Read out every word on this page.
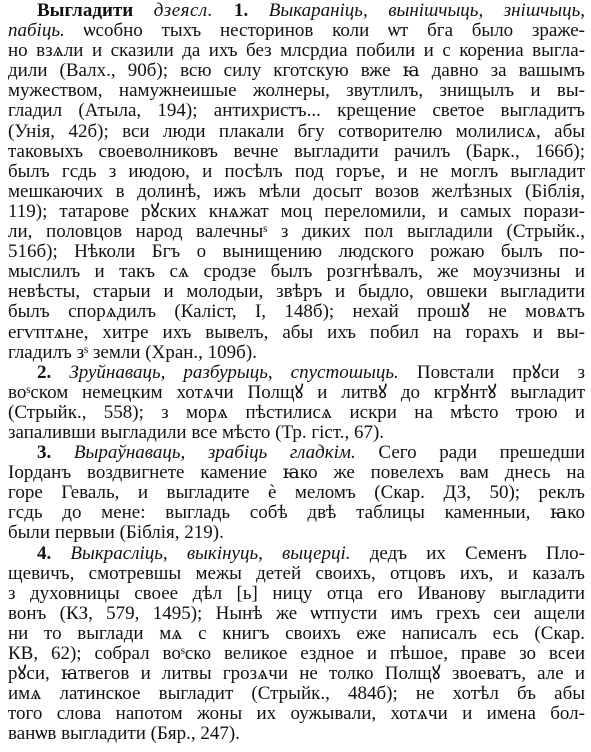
Выгладити дзеясл. 1. Выкараніць, вынішчыць, знішчыць,
пабіць. ѡсобно тыхъ несторинов коли ѡт бга было зраже-
но взѧли и сказили да ихъ без млсрдиа побили и с корениа выгла-
дили (Валх., 90б); всю силу кготскую вже ꙗ давно за вашымъ
мужеством, намужнеишые жолнеры, звутлилъ, знищылъ и вы-
гладил (Атыла, 194); антихристъ... крещение светое выгладитъ
(Унія, 42б); вси люди плакали бгу сотворителю молилисѧ, абы
таковыхъ своеволниковъ вечне выгладити рачилъ (Барк., 166б);
былъ гсдь з июдою, и посѣлъ под горъе, и не моглъ выгладит
мешкаючих в долинѣ, ижъ мѣли досыт возов желѣзных (Біблія,
119); татарове рꙋских кнѧжат моц переломили, и самых порази-
ли, половцов народ валечныˢ з диких пол выгладили (Стрыйк.,
516б); Нѣколи Бгъ о вынищению людского рожаю былъ по-
мыслилъ и такъ сѧ сродзе былъ розгнѣвалъ, же моузчизны и
невѣсты, старыи и молодыи, звѣръ и быдло, овшеки выгладити
былъ спорѧдилъ (Каліст, І, 148б); нехай прошꙋ не мовѧтъ
егѵптѧне, хитре ихъ вывелъ, абы ихъ побил на горахъ и вы-
гладилъ зˢ земли (Хран., 109б).
2. Зруйнаваць, разбурыць, спустошыць. Повстали прꙋси з
воˢском немецким хотѧчи Полщꙋ и литвꙋ до кгрꙋнтꙋ выгладит
(Стрыйк., 558); з морѧ пѣстилисѧ искри на мѣсто трою и
запаливши выгладили все мѣсто (Тр. гіст., 67).
3. Выраўнаваць, зрабіць гладкім. Сего ради прешедши
Іорданъ воздвигнете камение ꙗко же повелехъ вам днесь на
горе Геваль, и выгладите ѐ меломъ (Скар. ДЗ, 50); реклъ
гсдь до мене: выгладь собѣ двѣ таблицы каменныи, ꙗко
были первыи (Біблія, 219).
4. Выкрасліць, выкінуць, выцерці. дедъ их Семенъ Пло-
щевичъ, смотревшы межы детей своихъ, отцовъ ихъ, и казалъ
з духовницы своее дѣл [ь] ницу отца его Иванову выгладити
вонъ (КЗ, 579, 1495); Нынѣ же ѡтпусти имъ грехъ сеи ащели
ни то выглади мѧ с книгъ своихъ еже написалъ есь (Скар.
КВ, 62); собрал воˢско великое ездное и пѣшое, праве зо всеи
рꙋси, ꙗтвегов и литвы грозѧчи не толко Полщꙋ звоеватъ, але и
имѧ латинское выгладит (Стрыйк., 484б); не хотѣл бъ абы
того слова напотом жоны их оужывали, хотѧчи и имена бол-
ванѡв выгладити (Бяр., 247).
